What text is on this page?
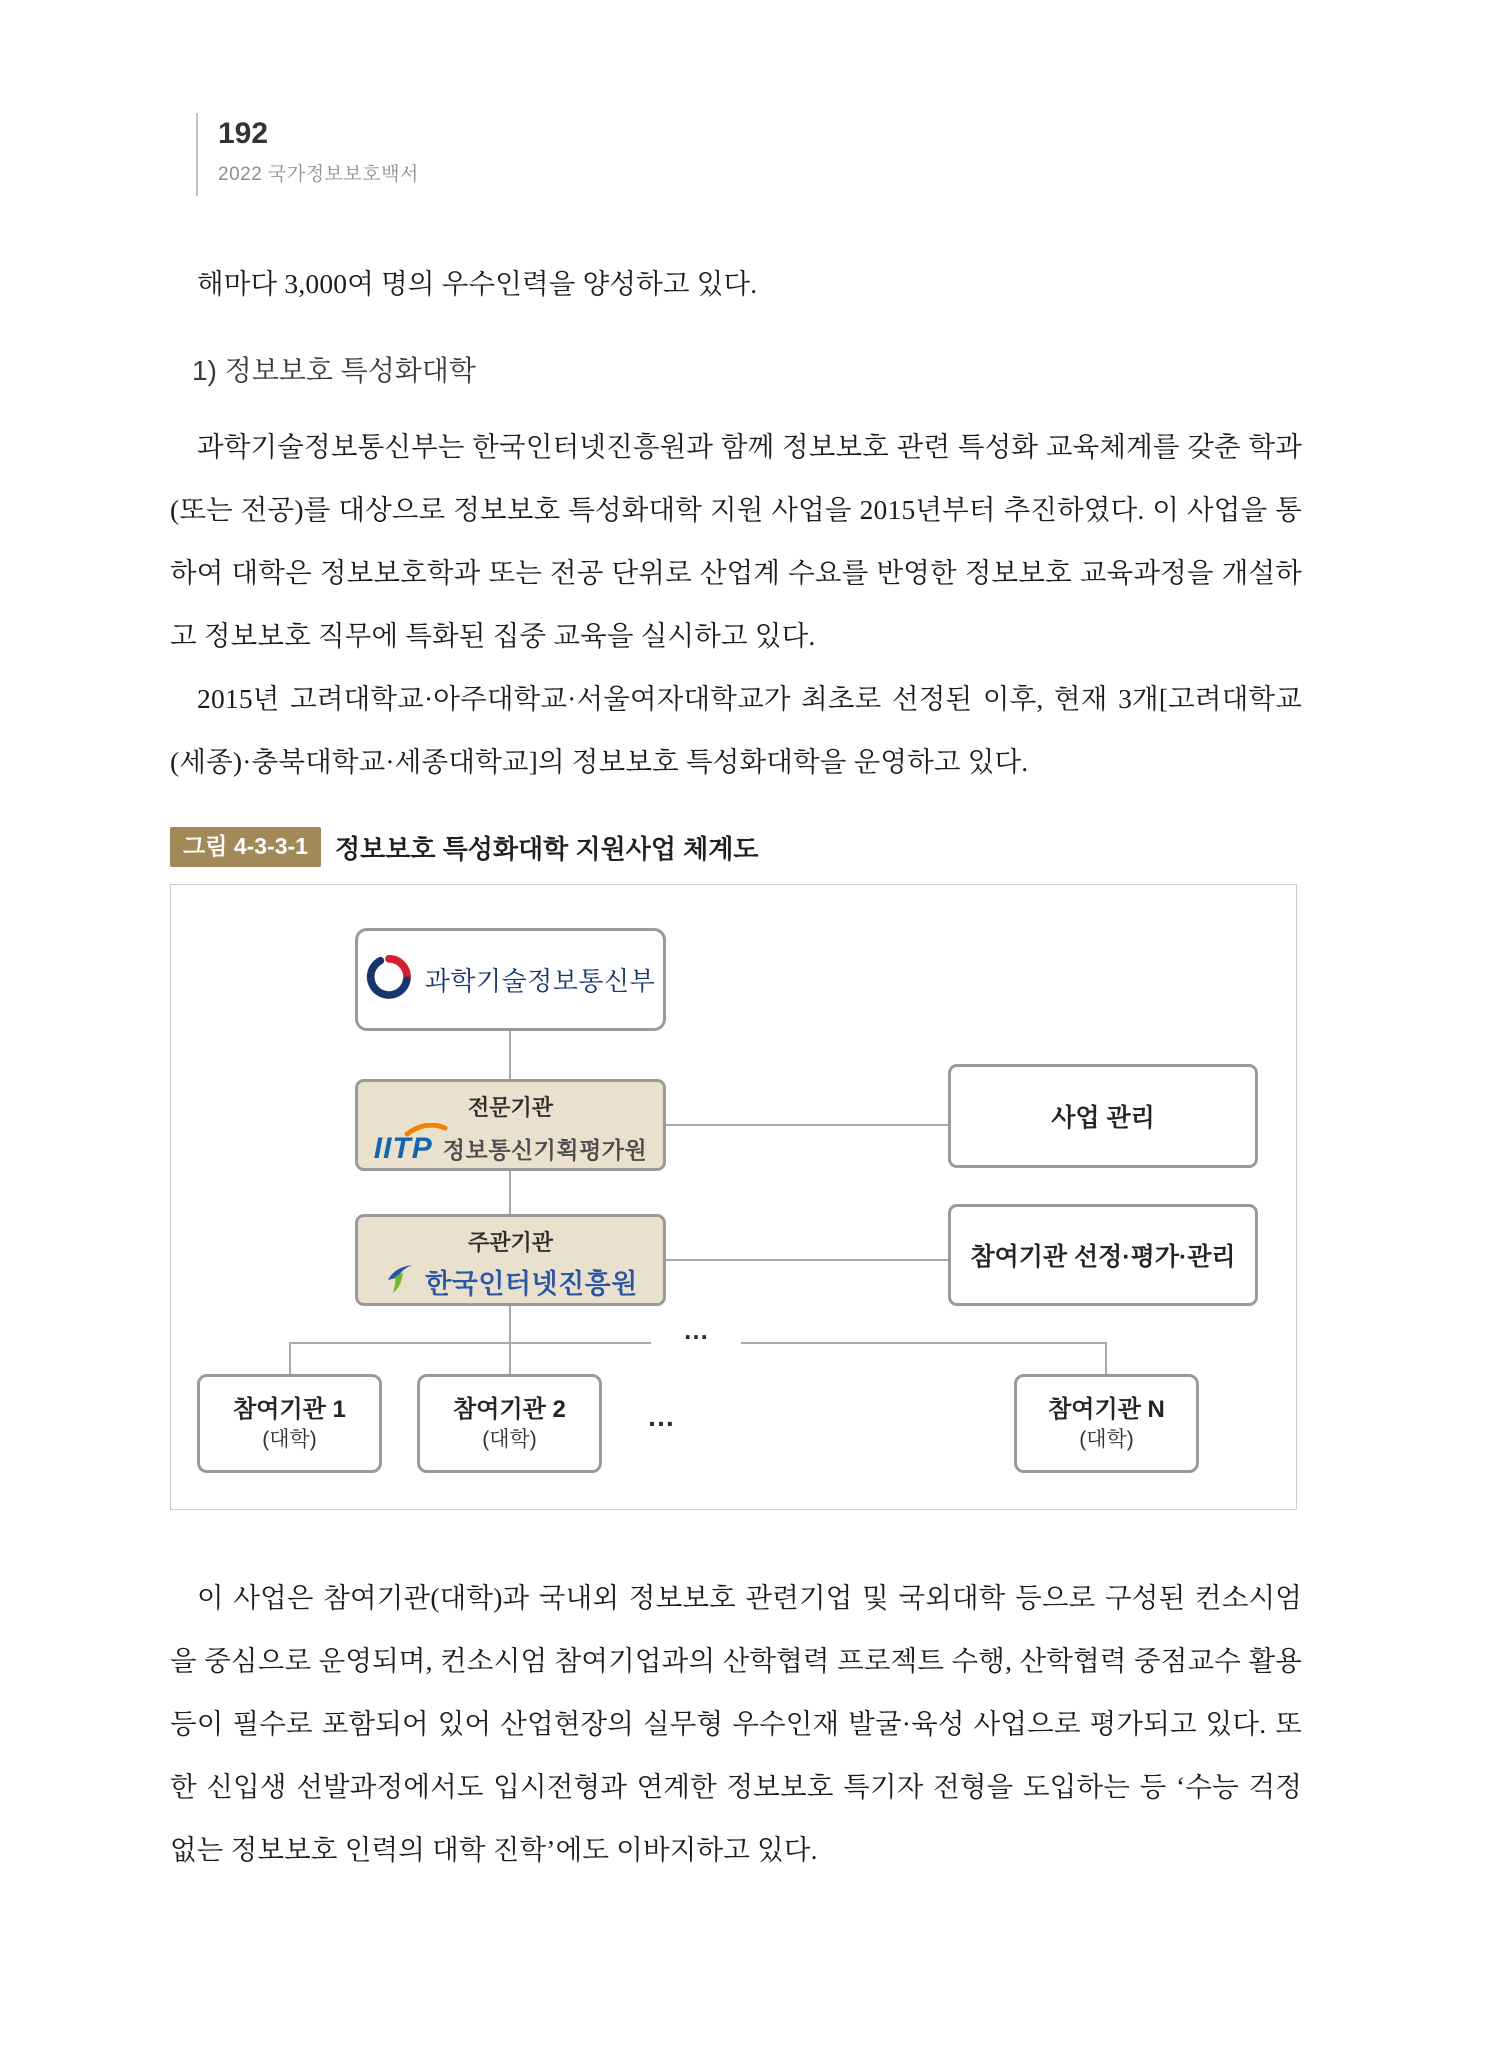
192
2022 국가정보보호백서

해마다 3,000여 명의 우수인력을 양성하고 있다.

1) 정보보호 특성화대학

과학기술정보통신부는 한국인터넷진흥원과 함께 정보보호 관련 특성화 교육체계를 갖춘 학과(또는 전공)를 대상으로 정보보호 특성화대학 지원 사업을 2015년부터 추진하였다. 이 사업을 통하여 대학은 정보보호학과 또는 전공 단위로 산업계 수요를 반영한 정보보호 교육과정을 개설하고 정보보호 직무에 특화된 집중 교육을 실시하고 있다.

2015년 고려대학교·아주대학교·서울여자대학교가 최초로 선정된 이후, 현재 3개[고려대학교(세종)·충북대학교·세종대학교]의 정보보호 특성화대학을 운영하고 있다.

그림 4-3-3-1	정보보호 특성화대학 지원사업 체계도
과학기술정보통신부
전문기관
IITP 정보통신기획평가원
주관기관
한국인터넷진흥원
사업 관리
참여기관 선정·평가·관리
…
참여기관 1
(대학)
참여기관 2
(대학)
…	참여기관 N
(대학)

이 사업은 참여기관(대학)과 국내외 정보보호 관련기업 및 국외대학 등으로 구성된 컨소시엄을 중심으로 운영되며, 컨소시엄 참여기업과의 산학협력 프로젝트 수행, 산학협력 중점교수 활용 등이 필수로 포함되어 있어 산업현장의 실무형 우수인재 발굴·육성 사업으로 평가되고 있다. 또한 신입생 선발과정에서도 입시전형과 연계한 정보보호 특기자 전형을 도입하는 등 ‘수능 걱정 없는 정보보호 인력의 대학 진학’에도 이바지하고 있다.
